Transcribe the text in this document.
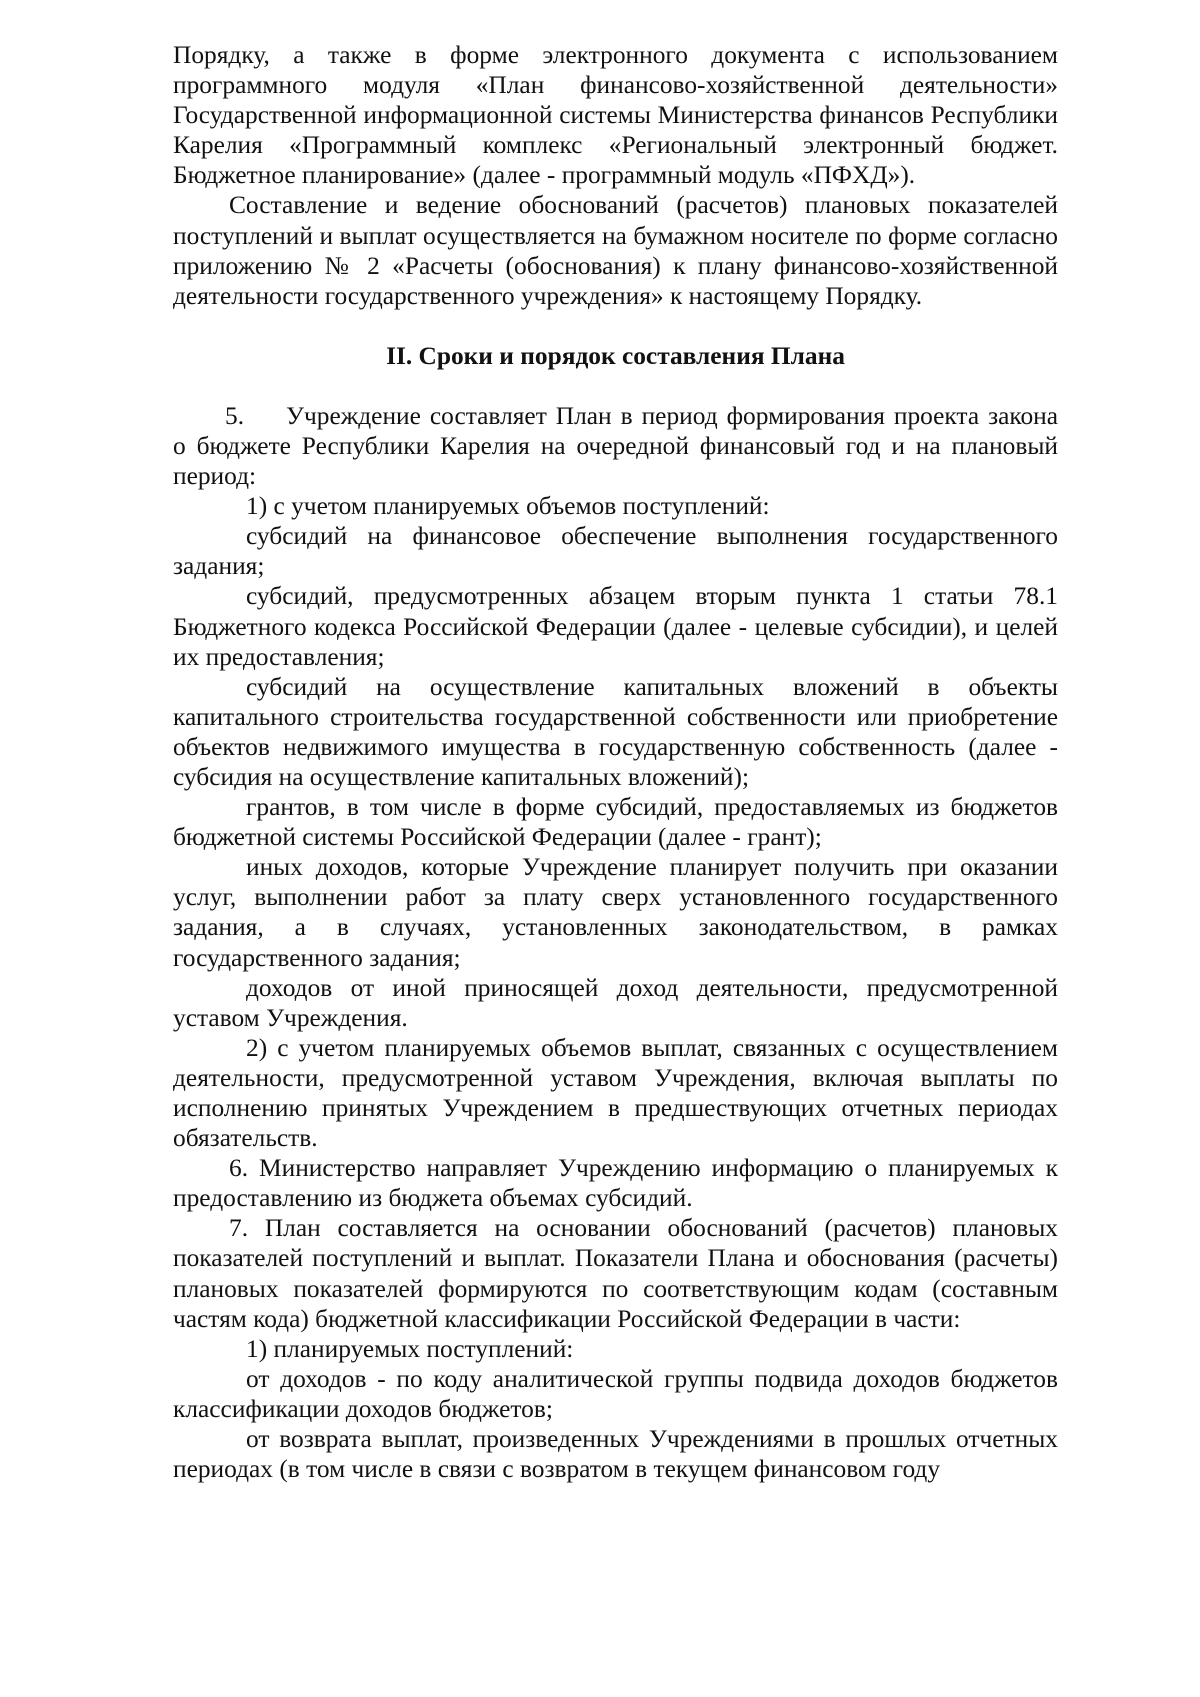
Порядку, а также в форме электронного документа с использованием программного модуля «План финансово-хозяйственной деятельности» Государственной информационной системы Министерства финансов Республики Карелия «Программный комплекс «Региональный электронный бюджет. Бюджетное планирование» (далее - программный модуль «ПФХД»).

Составление и ведение обоснований (расчетов) плановых показателей поступлений и выплат осуществляется на бумажном носителе по форме согласно приложению № 2 «Расчеты (обоснования) к плану финансово-хозяйственной деятельности государственного учреждения» к настоящему Порядку.

II. Сроки и порядок составления Плана

5. Учреждение составляет План в период формирования проекта закона о бюджете Республики Карелия на очередной финансовый год и на плановый период:

1) с учетом планируемых объемов поступлений:

субсидий на финансовое обеспечение выполнения государственного задания;

субсидий, предусмотренных абзацем вторым пункта 1 статьи 78.1 Бюджетного кодекса Российской Федерации (далее - целевые субсидии), и целей их предоставления;

субсидий на осуществление капитальных вложений в объекты капитального строительства государственной собственности или приобретение объектов недвижимого имущества в государственную собственность (далее - субсидия на осуществление капитальных вложений);

грантов, в том числе в форме субсидий, предоставляемых из бюджетов бюджетной системы Российской Федерации (далее - грант);

иных доходов, которые Учреждение планирует получить при оказании услуг, выполнении работ за плату сверх установленного государственного задания, а в случаях, установленных законодательством, в рамках государственного задания;

доходов от иной приносящей доход деятельности, предусмотренной уставом Учреждения.

2) с учетом планируемых объемов выплат, связанных с осуществлением деятельности, предусмотренной уставом Учреждения, включая выплаты по исполнению принятых Учреждением в предшествующих отчетных периодах обязательств.

6. Министерство направляет Учреждению информацию о планируемых к предоставлению из бюджета объемах субсидий.

7. План составляется на основании обоснований (расчетов) плановых показателей поступлений и выплат. Показатели Плана и обоснования (расчеты) плановых показателей формируются по соответствующим кодам (составным частям кода) бюджетной классификации Российской Федерации в части:

1) планируемых поступлений:

от доходов - по коду аналитической группы подвида доходов бюджетов классификации доходов бюджетов;

от возврата выплат, произведенных Учреждениями в прошлых отчетных периодах (в том числе в связи с возвратом в текущем финансовом году
